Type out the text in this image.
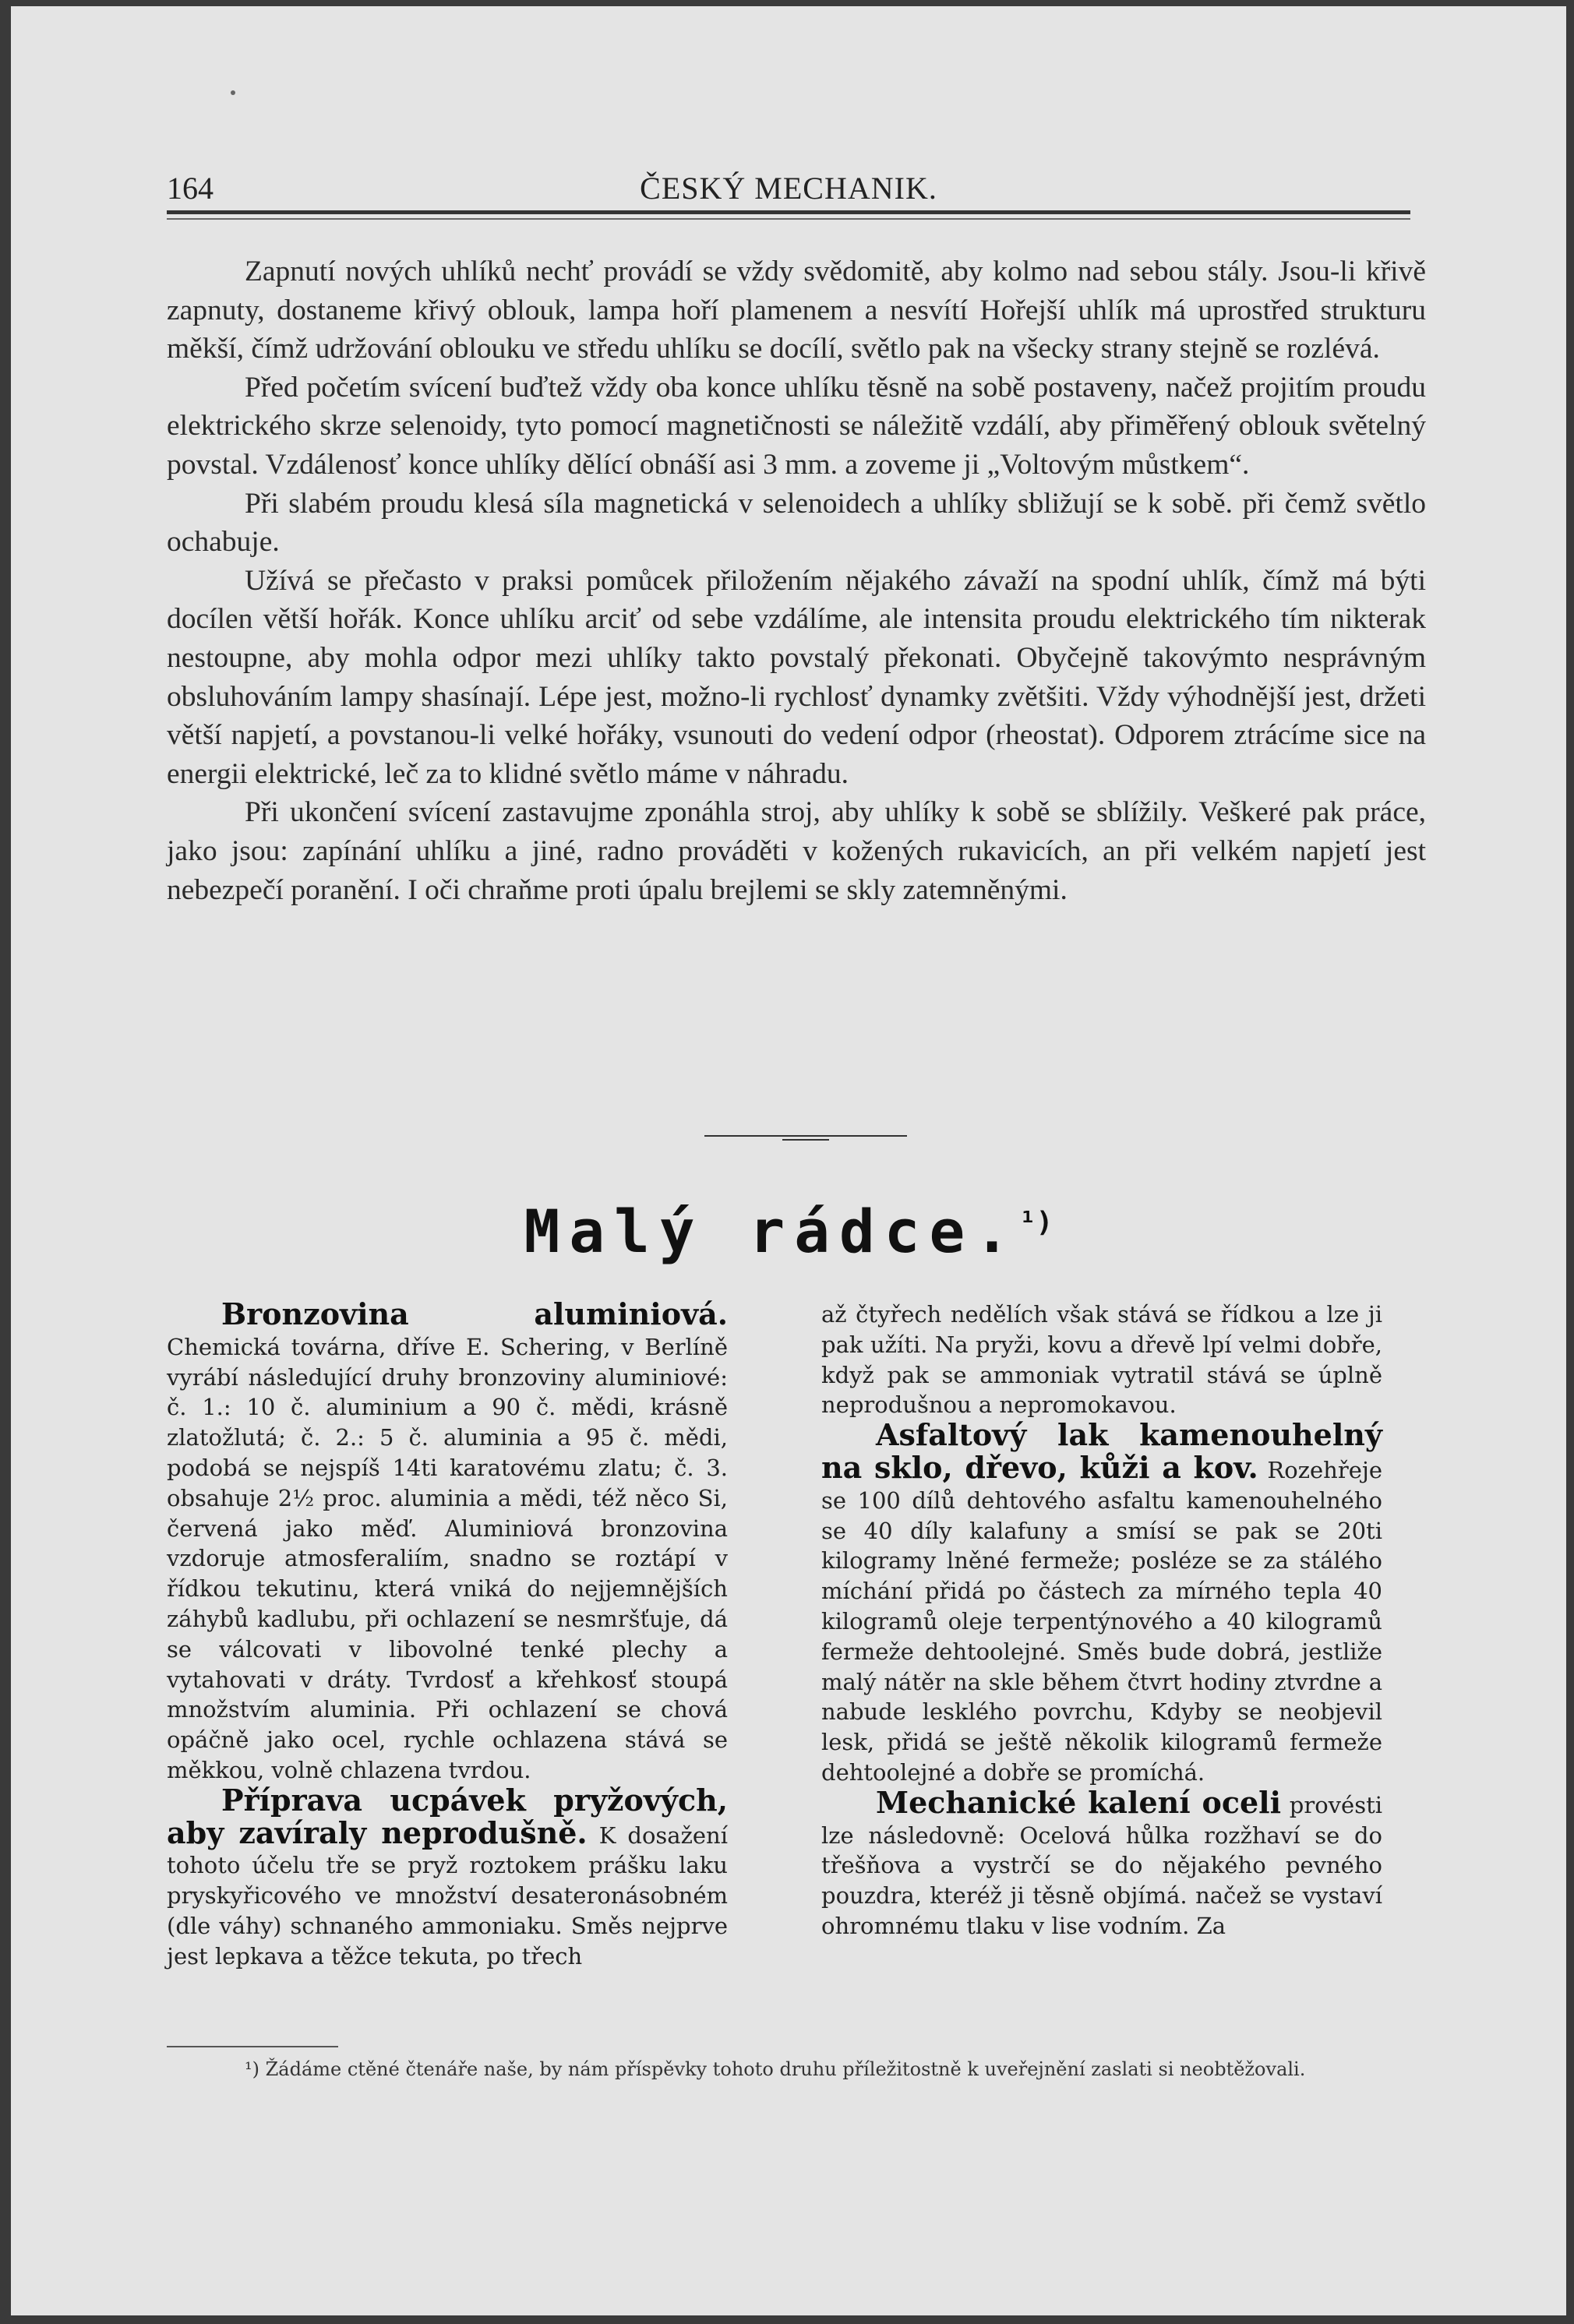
164	ČESKÝ MECHANIK.

Zapnutí nových uhlíků nechť provádí se vždy svědomitě, aby kolmo nad sebou stály. Jsou-li křivě zapnuty, dostaneme křivý oblouk, lampa hoří plamenem a nesvítí Hořejší uhlík má uprostřed strukturu měkší, čímž udržování oblouku ve středu uhlíku se docílí, světlo pak na všecky strany stejně se rozlévá.

Před početím svícení buďtež vždy oba konce uhlíku těsně na sobě postaveny, načež projitím proudu elektrického skrze selenoidy, tyto pomocí magnetičnosti se náležitě vzdálí, aby přiměřený oblouk světelný povstal. Vzdálenosť konce uhlíky dělící obnáší asi 3 mm. a zoveme ji „Voltovým můstkem“.

Při slabém proudu klesá síla magnetická v selenoidech a uhlíky sbližují se k sobě. při čemž světlo ochabuje.

Užívá se přečasto v praksi pomůcek přiložením nějakého závaží na spodní uhlík, čímž má býti docílen větší hořák. Konce uhlíku arciť od sebe vzdálíme, ale intensita proudu elektrického tím nikterak nestoupne, aby mohla odpor mezi uhlíky takto povstalý překonati. Obyčejně takovýmto nesprávným obsluhováním lampy shasínají. Lépe jest, možno-li rychlosť dynamky zvětšiti. Vždy výhodnější jest, držeti větší napjetí, a povstanou-li velké hořáky, vsunouti do vedení odpor (rheostat). Odporem ztrácíme sice na energii elektrické, leč za to klidné světlo máme v náhradu.

Při ukončení svícení zastavujme zponáhla stroj, aby uhlíky k sobě se sblížily. Veškeré pak práce, jako jsou: zapínání uhlíku a jiné, radno prováděti v kožených rukavicích, an při velkém napjetí jest nebezpečí poranění. I oči chraňme proti úpalu brejlemi se skly zatemněnými.

Malý rádce.$^{^1)}$

Bronzovina aluminiová. Chemická továrna, dříve E. Schering, v Berlíně vyrábí následující druhy bronzoviny aluminiové: č. 1.: 10 č. aluminium a 90 č. mědi, krásně zlatožlutá; č. 2.: 5 č. aluminia a 95 č. mědi, podobá se nejspíš 14ti karatovému zlatu; č. 3. obsahuje 2½ proc. aluminia a mědi, též něco Si, červená jako měď. Aluminiová bronzovina vzdoruje atmosferaliím, snadno se roztápí v řídkou tekutinu, která vniká do nejjemnějších záhybů kadlubu, při ochlazení se nesmršťuje, dá se válcovati v libovolné tenké plechy a vytahovati v dráty. Tvrdosť a křehkosť stoupá množstvím aluminia. Při ochlazení se chová opáčně jako ocel, rychle ochlazena stává se měkkou, volně chlazena tvrdou.

Příprava ucpávek pryžových, aby zavíraly neprodušně. K dosažení tohoto účelu tře se pryž roztokem prášku laku pryskyřicového ve množství desateronásobném (dle váhy) schnaného ammoniaku. Směs nejprve jest lepkava a těžce tekuta, po třech

až čtyřech nedělích však stává se řídkou a lze ji pak užíti. Na pryži, kovu a dřevě lpí velmi dobře, když pak se ammoniak vytratil stává se úplně neprodušnou a nepromokavou.

Asfaltový lak kamenouhelný na sklo, dřevo, kůži a kov. Rozehřeje se 100 dílů dehtového asfaltu kamenouhelného se 40 díly kalafuny a smísí se pak se 20ti kilogramy lněné fermeže; posléze se za stálého míchání přidá po částech za mírného tepla 40 kilogramů oleje terpentýnového a 40 kilogramů fermeže dehtoolejné. Směs bude dobrá, jestliže malý nátěr na skle během čtvrt hodiny ztvrdne a nabude lesklého povrchu, Kdyby se neobjevil lesk, přidá se ještě několik kilogramů fermeže dehtoolejné a dobře se promíchá.

Mechanické kalení oceli provésti lze následovně: Ocelová hůlka rozžhaví se do třešňova a vystrčí se do nějakého pevného pouzdra, kteréž ji těsně objímá. načež se vystaví ohromnému tlaku v lise vodním. Za

¹) Žádáme ctěné čtenáře naše, by nám příspěvky tohoto druhu příležitostně k uveřejnění zaslati si neobtěžovali.
